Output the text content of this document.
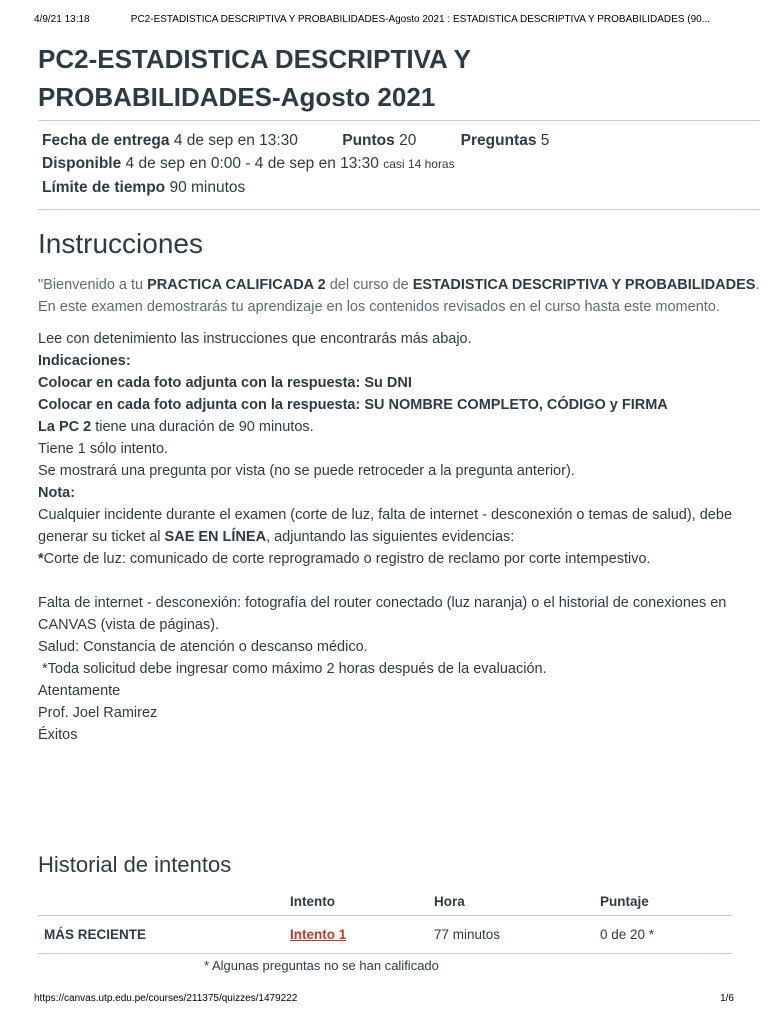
4/9/21 13:18	PC2-ESTADISTICA DESCRIPTIVA Y PROBABILIDADES-Agosto 2021 : ESTADISTICA DESCRIPTIVA Y PROBABILIDADES (90...
PC2-ESTADISTICA DESCRIPTIVA Y
PROBABILIDADES-Agosto 2021
Fecha de entrega 4 de sep en 13:30	Puntos 20	Preguntas 5
Disponible 4 de sep en 0:00 - 4 de sep en 13:30 casi 14 horas
Límite de tiempo 90 minutos
Instrucciones
"Bienvenido a tu PRACTICA CALIFICADA 2 del curso de ESTADISTICA DESCRIPTIVA Y PROBABILIDADES. En este examen demostrarás tu aprendizaje en los contenidos revisados en el curso hasta este momento.
Lee con detenimiento las instrucciones que encontrarás más abajo.
Indicaciones:
Colocar en cada foto adjunta con la respuesta: Su DNI
Colocar en cada foto adjunta con la respuesta: SU NOMBRE COMPLETO, CÓDIGO y FIRMA
La PC 2 tiene una duración de 90 minutos.
Tiene 1 sólo intento.
Se mostrará una pregunta por vista (no se puede retroceder a la pregunta anterior).
Nota:
Cualquier incidente durante el examen (corte de luz, falta de internet - desconexión o temas de salud), debe generar su ticket al SAE EN LÍNEA, adjuntando las siguientes evidencias:
*Corte de luz: comunicado de corte reprogramado o registro de reclamo por corte intempestivo.
Falta de internet - desconexión: fotografía del router conectado (luz naranja) o el historial de conexiones en CANVAS (vista de páginas).
Salud: Constancia de atención o descanso médico.
*Toda solicitud debe ingresar como máximo 2 horas después de la evaluación.
Atentamente
Prof. Joel Ramirez
Éxitos
Historial de intentos
	Intento	Hora	Puntaje
MÁS RECIENTE	Intento 1	77 minutos	0 de 20 *
* Algunas preguntas no se han calificado
https://canvas.utp.edu.pe/courses/211375/quizzes/1479222	1/6
